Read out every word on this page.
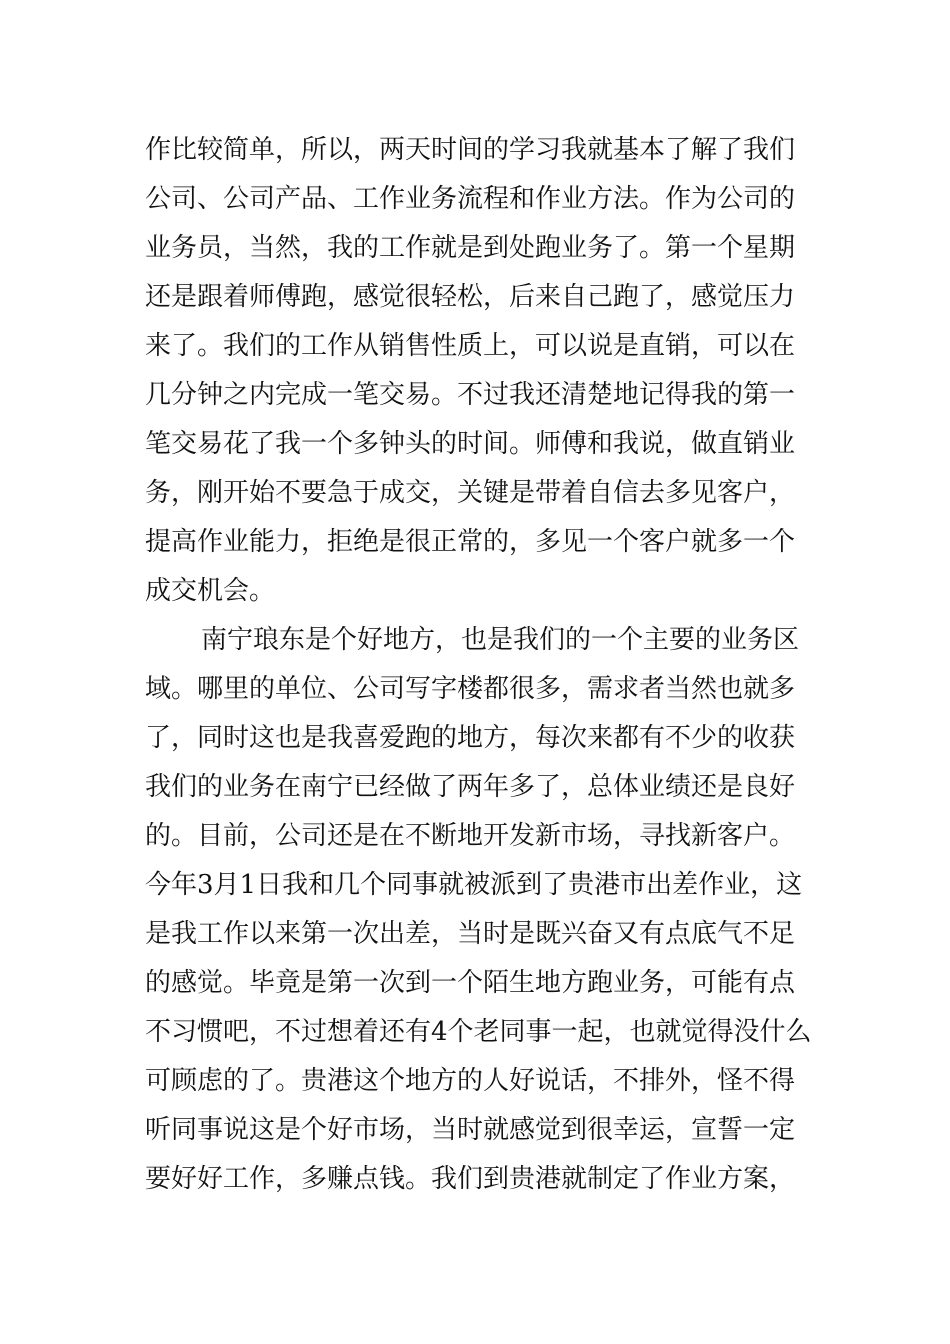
作比较简单，所以，两天时间的学习我就基本了解了我们
公司、公司产品、工作业务流程和作业方法。作为公司的
业务员，当然，我的工作就是到处跑业务了。第一个星期
还是跟着师傅跑，感觉很轻松，后来自己跑了，感觉压力
来了。我们的工作从销售性质上，可以说是直销，可以在
几分钟之内完成一笔交易。不过我还清楚地记得我的第一
笔交易花了我一个多钟头的时间。师傅和我说，做直销业
务，刚开始不要急于成交，关键是带着自信去多见客户，
提高作业能力，拒绝是很正常的，多见一个客户就多一个
成交机会。
南宁琅东是个好地方，也是我们的一个主要的业务区
域。哪里的单位、公司写字楼都很多，需求者当然也就多
了，同时这也是我喜爱跑的地方，每次来都有不少的收获
我们的业务在南宁已经做了两年多了，总体业绩还是良好
的。目前，公司还是在不断地开发新市场，寻找新客户。
今年3月1日我和几个同事就被派到了贵港市出差作业，这
是我工作以来第一次出差，当时是既兴奋又有点底气不足
的感觉。毕竟是第一次到一个陌生地方跑业务，可能有点
不习惯吧，不过想着还有4个老同事一起，也就觉得没什么
可顾虑的了。贵港这个地方的人好说话，不排外，怪不得
听同事说这是个好市场，当时就感觉到很幸运，宣誓一定
要好好工作，多赚点钱。我们到贵港就制定了作业方案，
